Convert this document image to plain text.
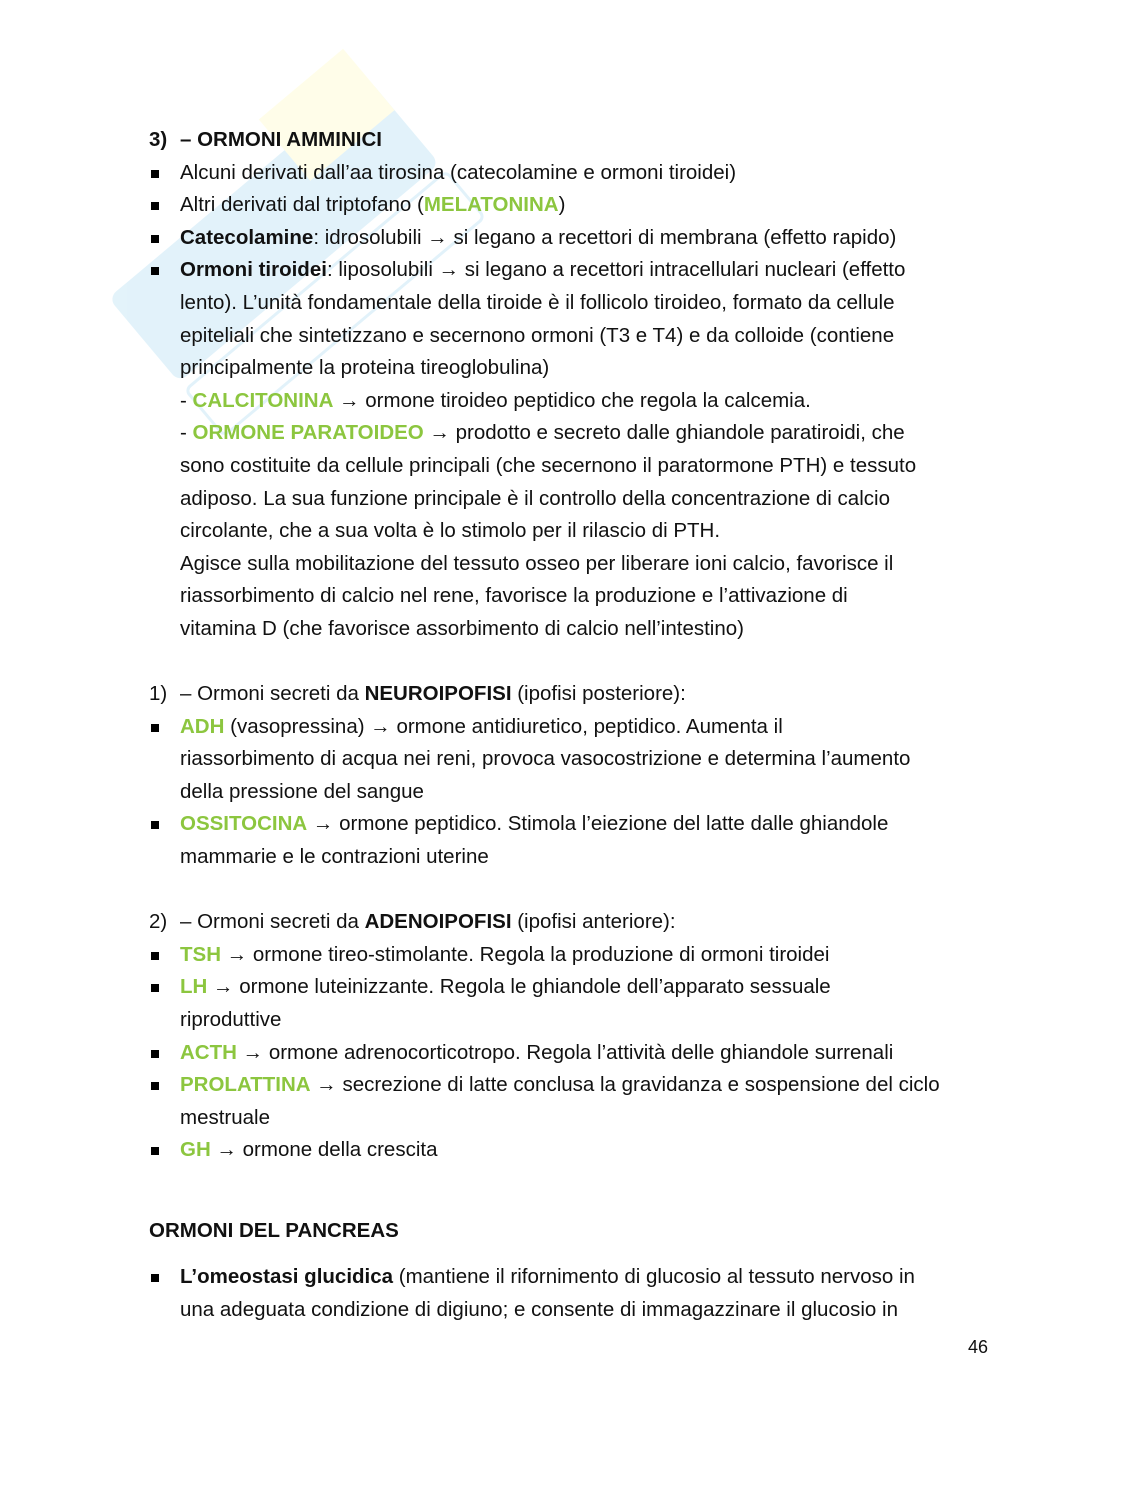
3) – ORMONI AMMINICI
Alcuni derivati dall’aa tirosina (catecolamine e ormoni tiroidei)
Altri derivati dal triptofano (MELATONINA)
Catecolamine: idrosolubili → si legano a recettori di membrana (effetto rapido)
Ormoni tiroidei: liposolubili → si legano a recettori intracellulari nucleari (effetto
lento). L’unità fondamentale della tiroide è il follicolo tiroideo, formato da cellule
epiteliali che sintetizzano e secernono ormoni (T3 e T4) e da colloide (contiene
principalmente la proteina tireoglobulina)
- CALCITONINA → ormone tiroideo peptidico che regola la calcemia.
- ORMONE PARATOIDEO → prodotto e secreto dalle ghiandole paratiroidi, che
sono costituite da cellule principali (che secernono il paratormone PTH) e tessuto
adiposo. La sua funzione principale è il controllo della concentrazione di calcio
circolante, che a sua volta è lo stimolo per il rilascio di PTH.
Agisce sulla mobilitazione del tessuto osseo per liberare ioni calcio, favorisce il
riassorbimento di calcio nel rene, favorisce la produzione e l’attivazione di
vitamina D (che favorisce assorbimento di calcio nell’intestino)
1) – Ormoni secreti da NEUROIPOFISI (ipofisi posteriore):
ADH (vasopressina) → ormone antidiuretico, peptidico. Aumenta il
riassorbimento di acqua nei reni, provoca vasocostrizione e determina l’aumento
della pressione del sangue
OSSITOCINA → ormone peptidico. Stimola l’eiezione del latte dalle ghiandole
mammarie e le contrazioni uterine
2) – Ormoni secreti da ADENOIPOFISI (ipofisi anteriore):
TSH → ormone tireo-stimolante. Regola la produzione di ormoni tiroidei
LH → ormone luteinizzante. Regola le ghiandole dell’apparato sessuale
riproduttive
ACTH → ormone adrenocorticotropo. Regola l’attività delle ghiandole surrenali
PROLATTINA → secrezione di latte conclusa la gravidanza e sospensione del ciclo
mestruale
GH → ormone della crescita
ORMONI DEL PANCREAS
L’omeostasi glucidica (mantiene il rifornimento di glucosio al tessuto nervoso in
una adeguata condizione di digiuno; e consente di immagazzinare il glucosio in
46
